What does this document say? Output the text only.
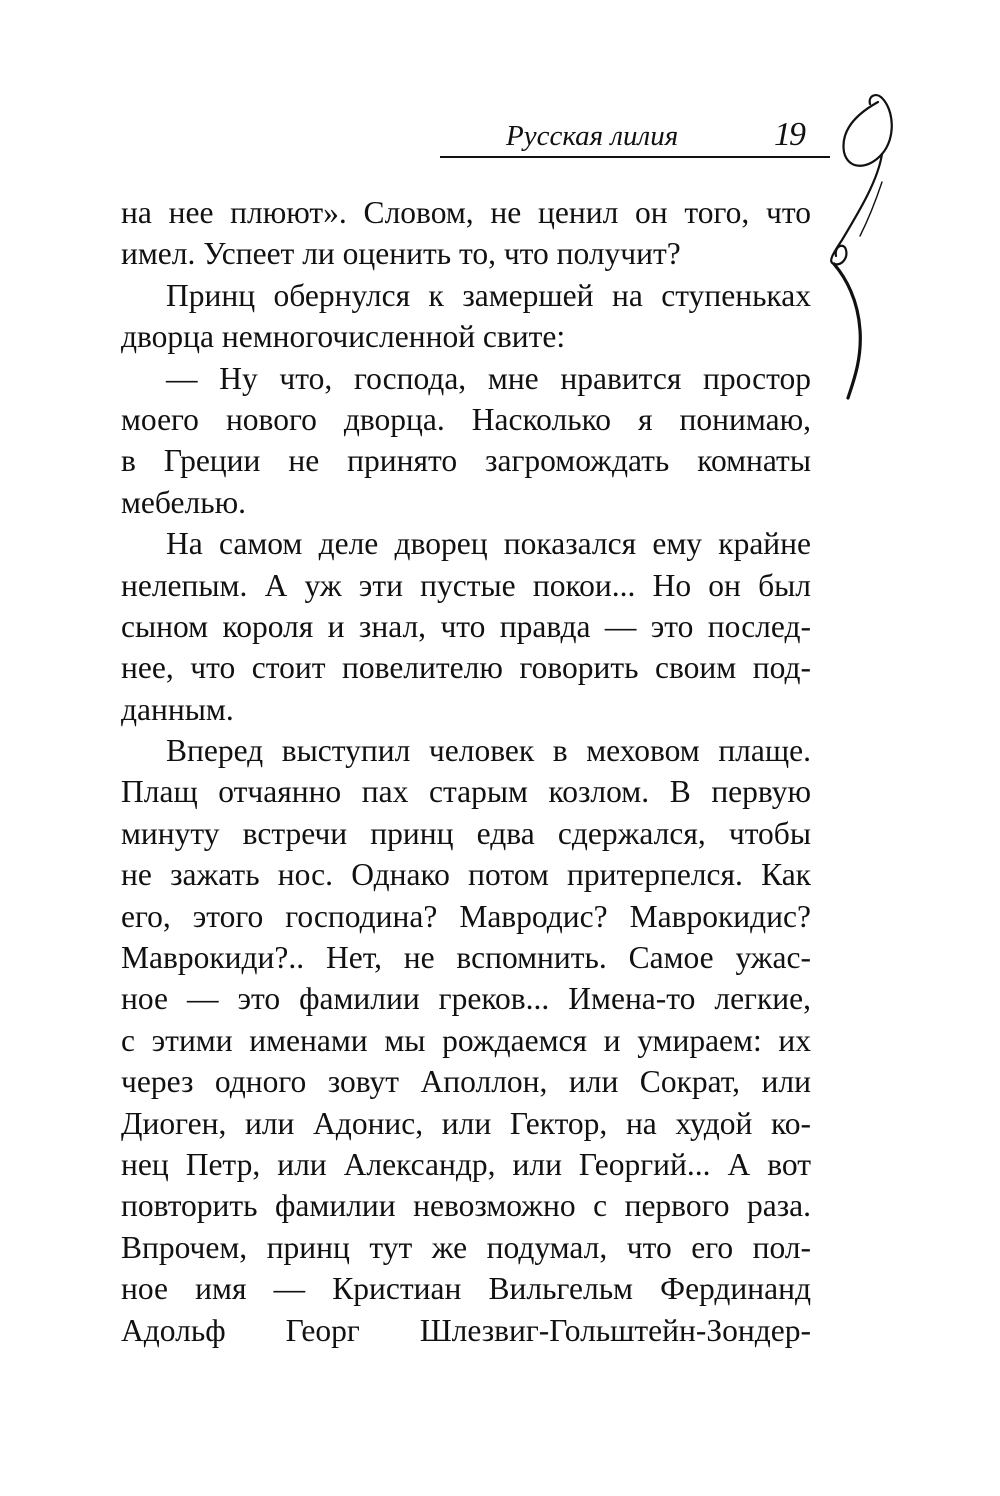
Русская лилия	19
на нее плюют». Словом, не ценил он того, что
имел. Успеет ли оценить то, что получит?
Принц обернулся к замершей на ступеньках
дворца немногочисленной свите:
— Ну что, господа, мне нравится простор
моего нового дворца. Насколько я понимаю,
в Греции не принято загромождать комнаты
мебелью.
На самом деле дворец показался ему крайне
нелепым. А уж эти пустые покои... Но он был
сыном короля и знал, что правда — это послед-
нее, что стоит повелителю говорить своим под-
данным.
Вперед выступил человек в меховом плаще.
Плащ отчаянно пах старым козлом. В первую
минуту встречи принц едва сдержался, чтобы
не зажать нос. Однако потом притерпелся. Как
его, этого господина? Мавродис? Маврокидис?
Маврокиди?.. Нет, не вспомнить. Самое ужас-
ное — это фамилии греков... Имена-то легкие,
с этими именами мы рождаемся и умираем: их
через одного зовут Аполлон, или Сократ, или
Диоген, или Адонис, или Гектор, на худой ко-
нец Петр, или Александр, или Георгий... А вот
повторить фамилии невозможно с первого раза.
Впрочем, принц тут же подумал, что его пол-
ное имя — Кристиан Вильгельм Фердинанд
Адольф Георг Шлезвиг-Гольштейн-Зондер-
